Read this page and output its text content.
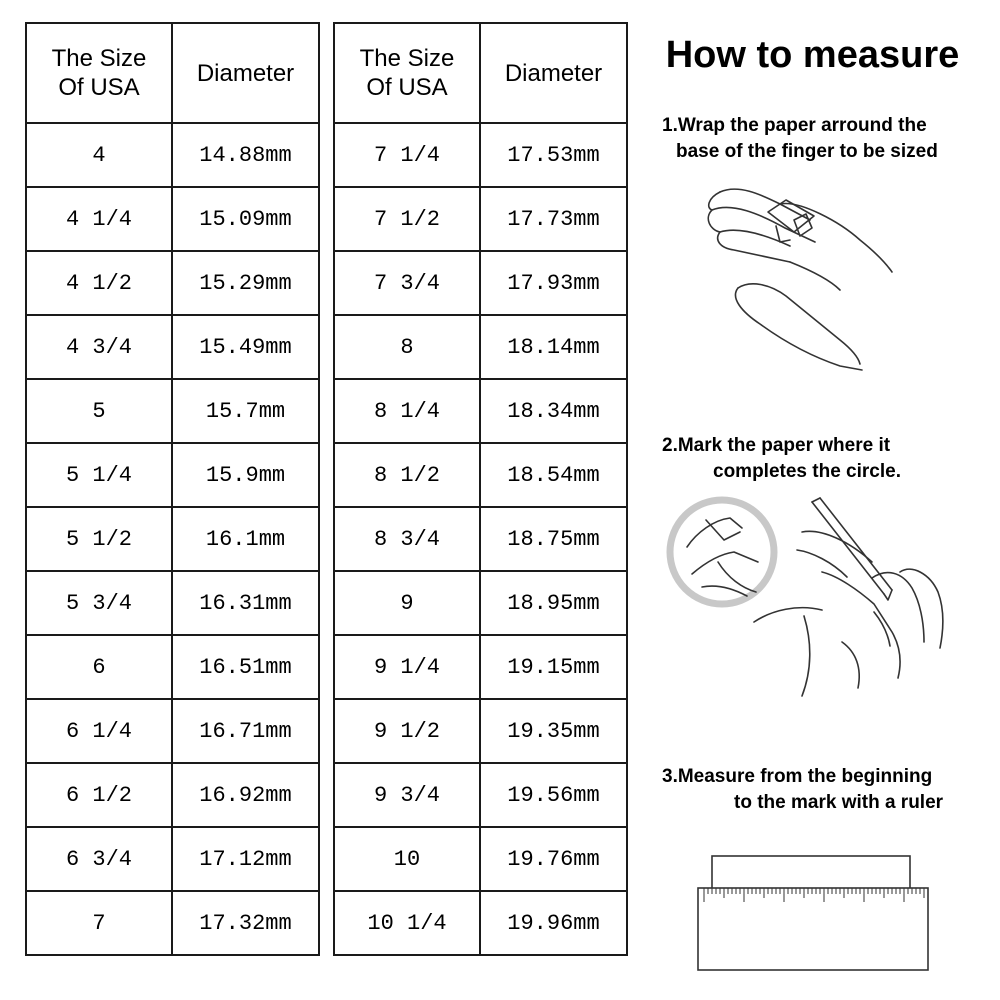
The Size
Of USA	Diameter
4	14.88mm
4 1/4	15.09mm
4 1/2	15.29mm
4 3/4	15.49mm
5	15.7mm
5 1/4	15.9mm
5 1/2	16.1mm
5 3/4	16.31mm
6	16.51mm
6 1/4	16.71mm
6 1/2	16.92mm
6 3/4	17.12mm
7	17.32mm
The Size
Of USA	Diameter
7 1/4	17.53mm
7 1/2	17.73mm
7 3/4	17.93mm
8	18.14mm
8 1/4	18.34mm
8 1/2	18.54mm
8 3/4	18.75mm
9	18.95mm
9 1/4	19.15mm
9 1/2	19.35mm
9 3/4	19.56mm
10	19.76mm
10 1/4	19.96mm
How to measure

1.Wrap the paper arround the
base of the finger to be sized

2.Mark the paper where it
completes the circle.

3.Measure from the beginning
to the mark with a ruler
